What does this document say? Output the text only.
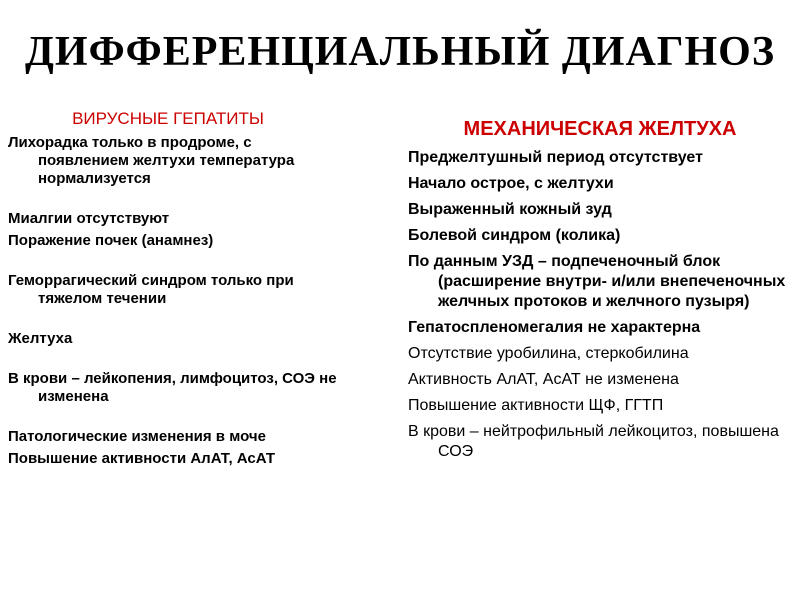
ДИФФЕРЕНЦИАЛЬНЫЙ ДИАГНОЗ
ВИРУСНЫЕ ГЕПАТИТЫ
Лихорадка только в продроме, с появлением желтухи температура нормализуется
Миалгии отсутствуют
Поражение почек (анамнез)
Геморрагический синдром только при тяжелом течении
Желтуха
В крови – лейкопения, лимфоцитоз, СОЭ не изменена
Патологические изменения в моче
Повышение активности АлАТ, АсАТ
МЕХАНИЧЕСКАЯ ЖЕЛТУХА
Преджелтушный период отсутствует
Начало острое, с желтухи
Выраженный кожный зуд
Болевой синдром (колика)
По данным УЗД – подпеченочный блок (расширение внутри- и/или внепеченочных желчных протоков и желчного пузыря)
Гепатоспленомегалия не характерна
Отсутствие уробилина, стеркобилина
Активность АлАТ, АсАТ не изменена
Повышение активности ЩФ, ГГТП
В крови – нейтрофильный лейкоцитоз, повышена СОЭ
